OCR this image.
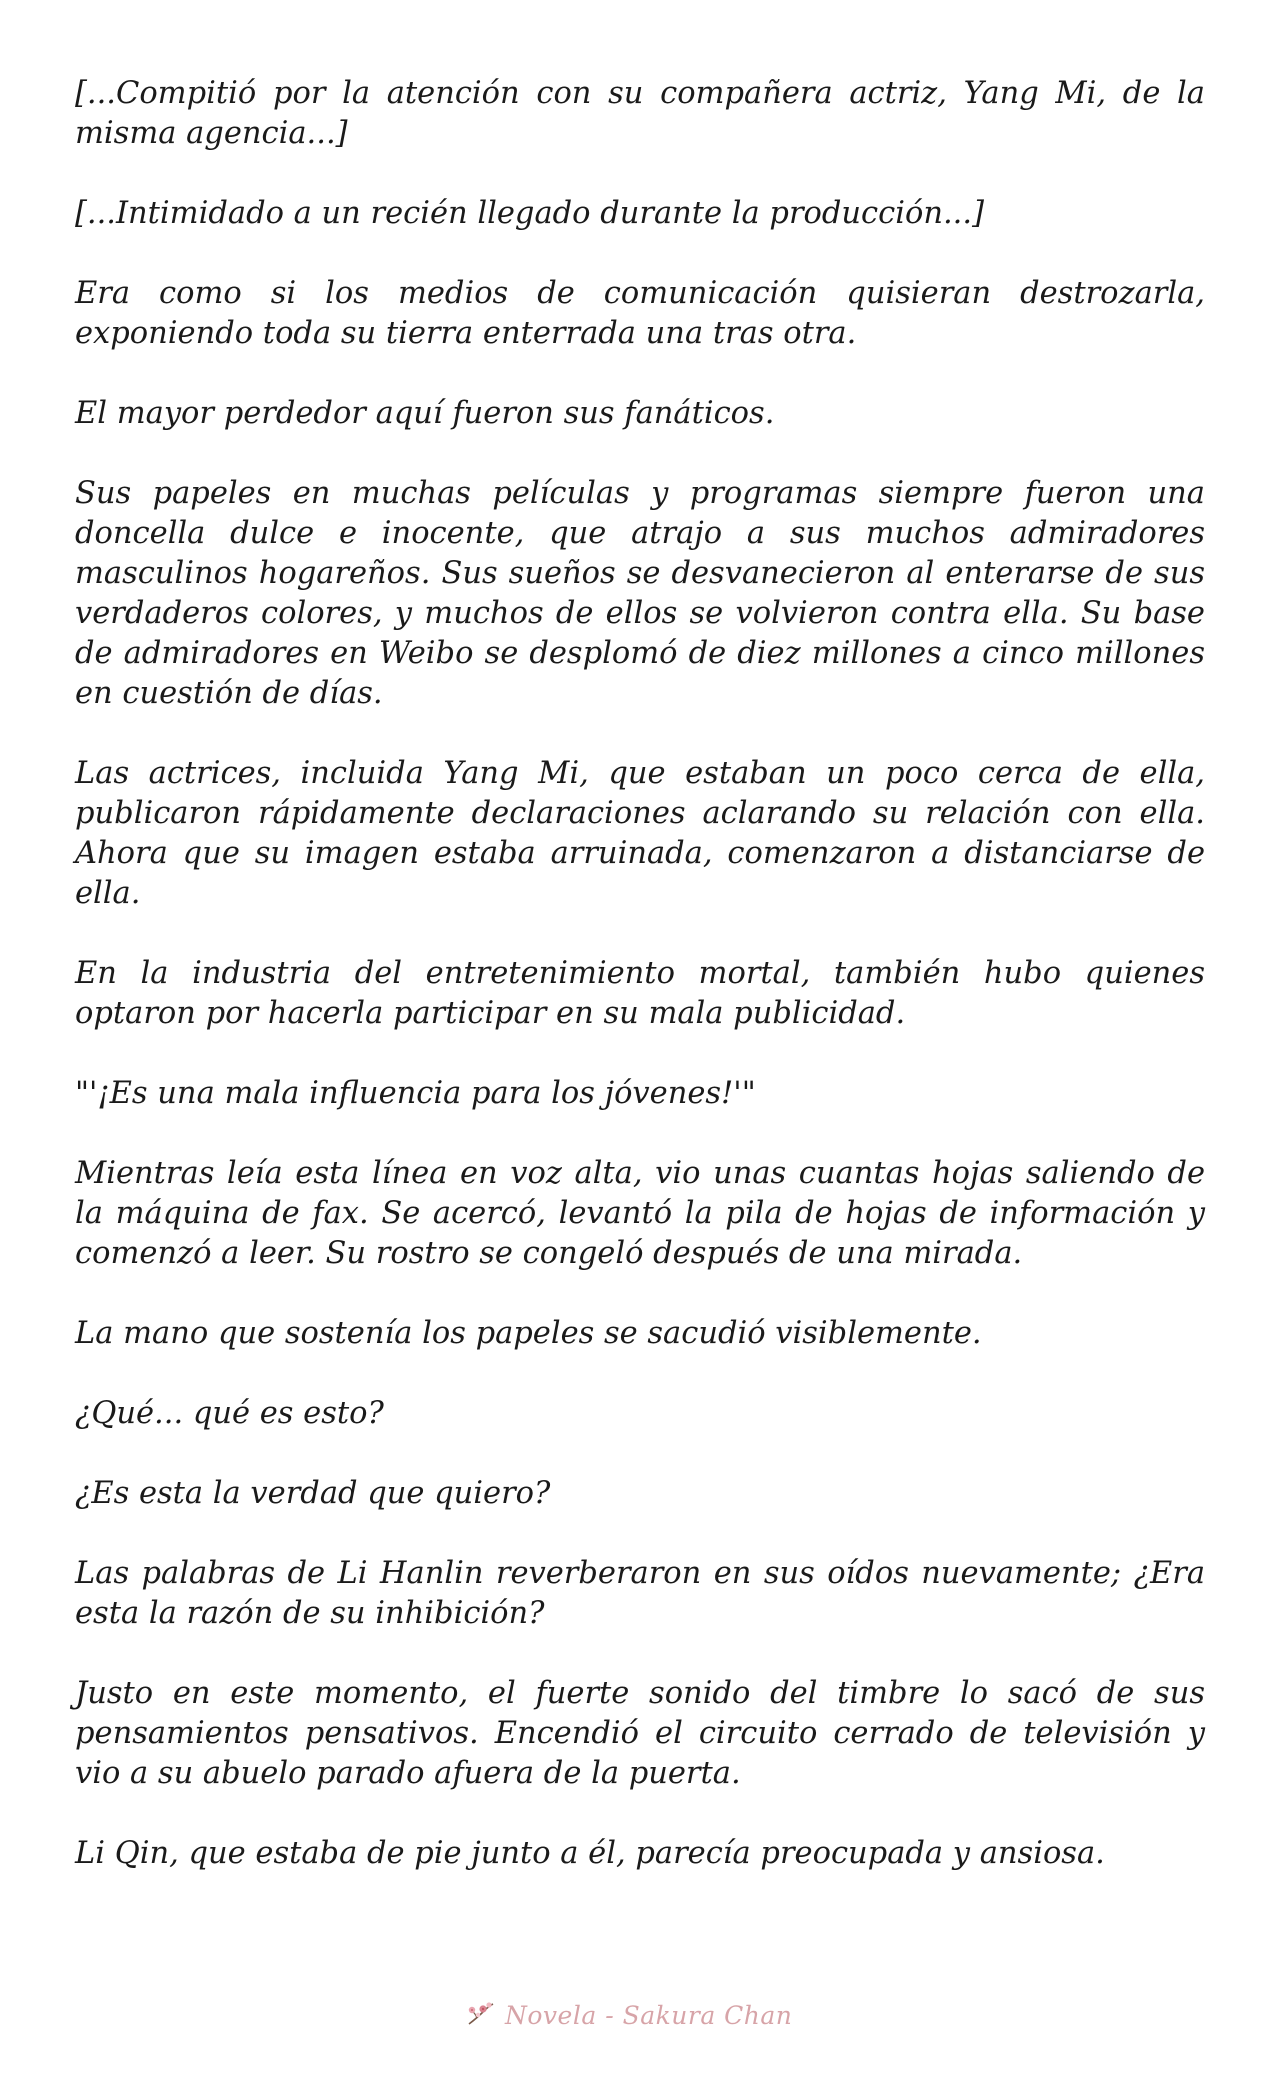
[...Compitió por la atención con su compañera actriz, Yang Mi, de la misma agencia...]

[...Intimidado a un recién llegado durante la producción...]

Era como si los medios de comunicación quisieran destrozarla, exponiendo toda su tierra enterrada una tras otra.

El mayor perdedor aquí fueron sus fanáticos.

Sus papeles en muchas películas y programas siempre fueron una doncella dulce e inocente, que atrajo a sus muchos admiradores masculinos hogareños. Sus sueños se desvanecieron al enterarse de sus verdaderos colores, y muchos de ellos se volvieron contra ella. Su base de admiradores en Weibo se desplomó de diez millones a cinco millones en cuestión de días.

Las actrices, incluida Yang Mi, que estaban un poco cerca de ella, publicaron rápidamente declaraciones aclarando su relación con ella. Ahora que su imagen estaba arruinada, comenzaron a distanciarse de ella.

En la industria del entretenimiento mortal, también hubo quienes optaron por hacerla participar en su mala publicidad.

"'¡Es una mala influencia para los jóvenes!'"

Mientras leía esta línea en voz alta, vio unas cuantas hojas saliendo de la máquina de fax. Se acercó, levantó la pila de hojas de información y comenzó a leer. Su rostro se congeló después de una mirada.

La mano que sostenía los papeles se sacudió visiblemente.

¿Qué... qué es esto?

¿Es esta la verdad que quiero?

Las palabras de Li Hanlin reverberaron en sus oídos nuevamente; ¿Era esta la razón de su inhibición?

Justo en este momento, el fuerte sonido del timbre lo sacó de sus pensamientos pensativos. Encendió el circuito cerrado de televisión y vio a su abuelo parado afuera de la puerta.

Li Qin, que estaba de pie junto a él, parecía preocupada y ansiosa.

Novela - Sakura Chan
